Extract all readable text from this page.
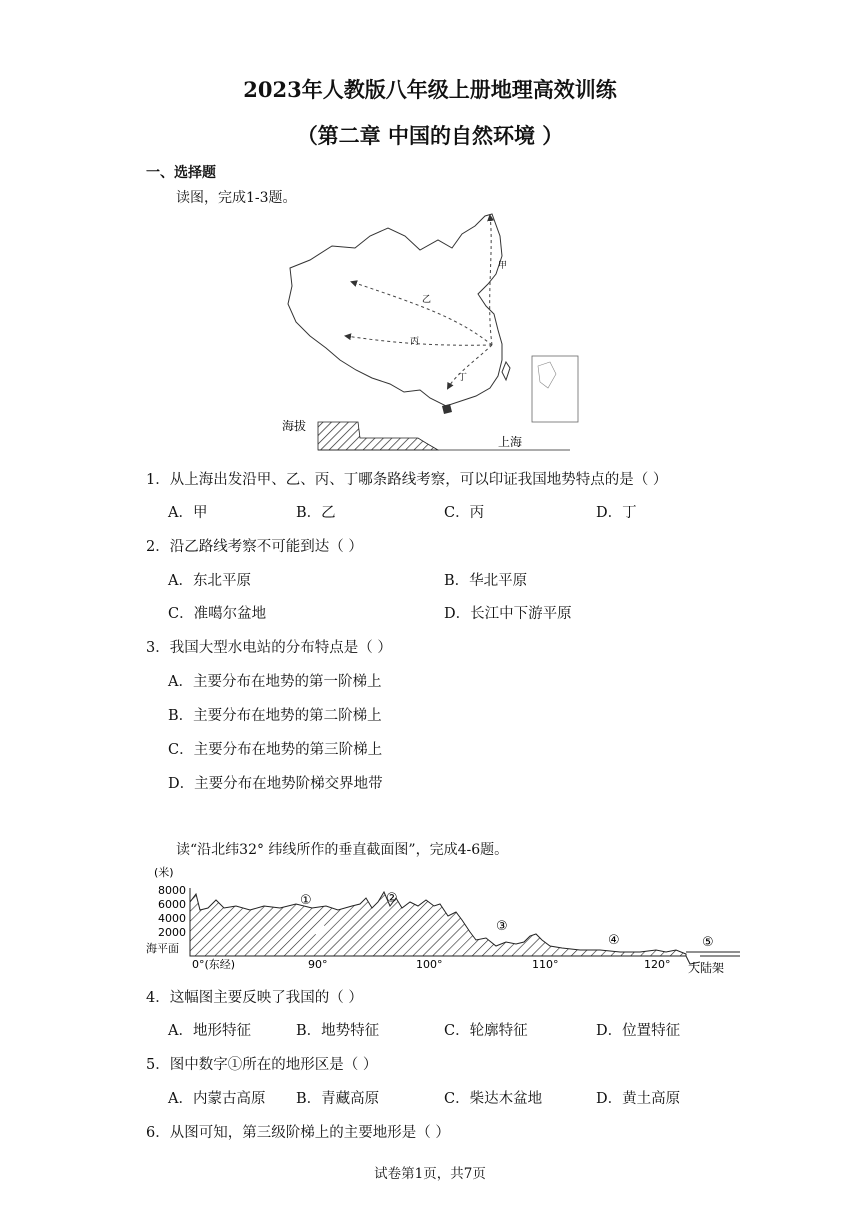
2023年人教版八年级上册地理高效训练
（第二章 中国的自然环境 ）
一、选择题
读图，完成1-3题。
甲
乙
丙
丁
海拔
上海
1．从上海出发沿甲、乙、丙、丁哪条路线考察，可以印证我国地势特点的是（ ）
A．甲	B．乙	C．丙	D．丁
2．沿乙路线考察不可能到达（ ）
A．东北平原	B．华北平原
C．准噶尔盆地	D．长江中下游平原
3．我国大型水电站的分布特点是（ ）
A．主要分布在地势的第一阶梯上
B．主要分布在地势的第二阶梯上
C．主要分布在地势的第三阶梯上
D．主要分布在地势阶梯交界地带
读“沿北纬32° 纬线所作的垂直截面图”，完成4-6题。
(米)
8000
6000
4000
2000
海平面
①	②
③
④	⑤
0°(东经)	90°	100°	110°	120° 大陆架
4．这幅图主要反映了我国的（ ）
A．地形特征	B．地势特征	C．轮廓特征	D．位置特征
5．图中数字①所在的地形区是（ ）
A．内蒙古高原 B．青藏高原	C．柴达木盆地	D．黄土高原
6．从图可知，第三级阶梯上的主要地形是（ ）
试卷第1页，共7页
